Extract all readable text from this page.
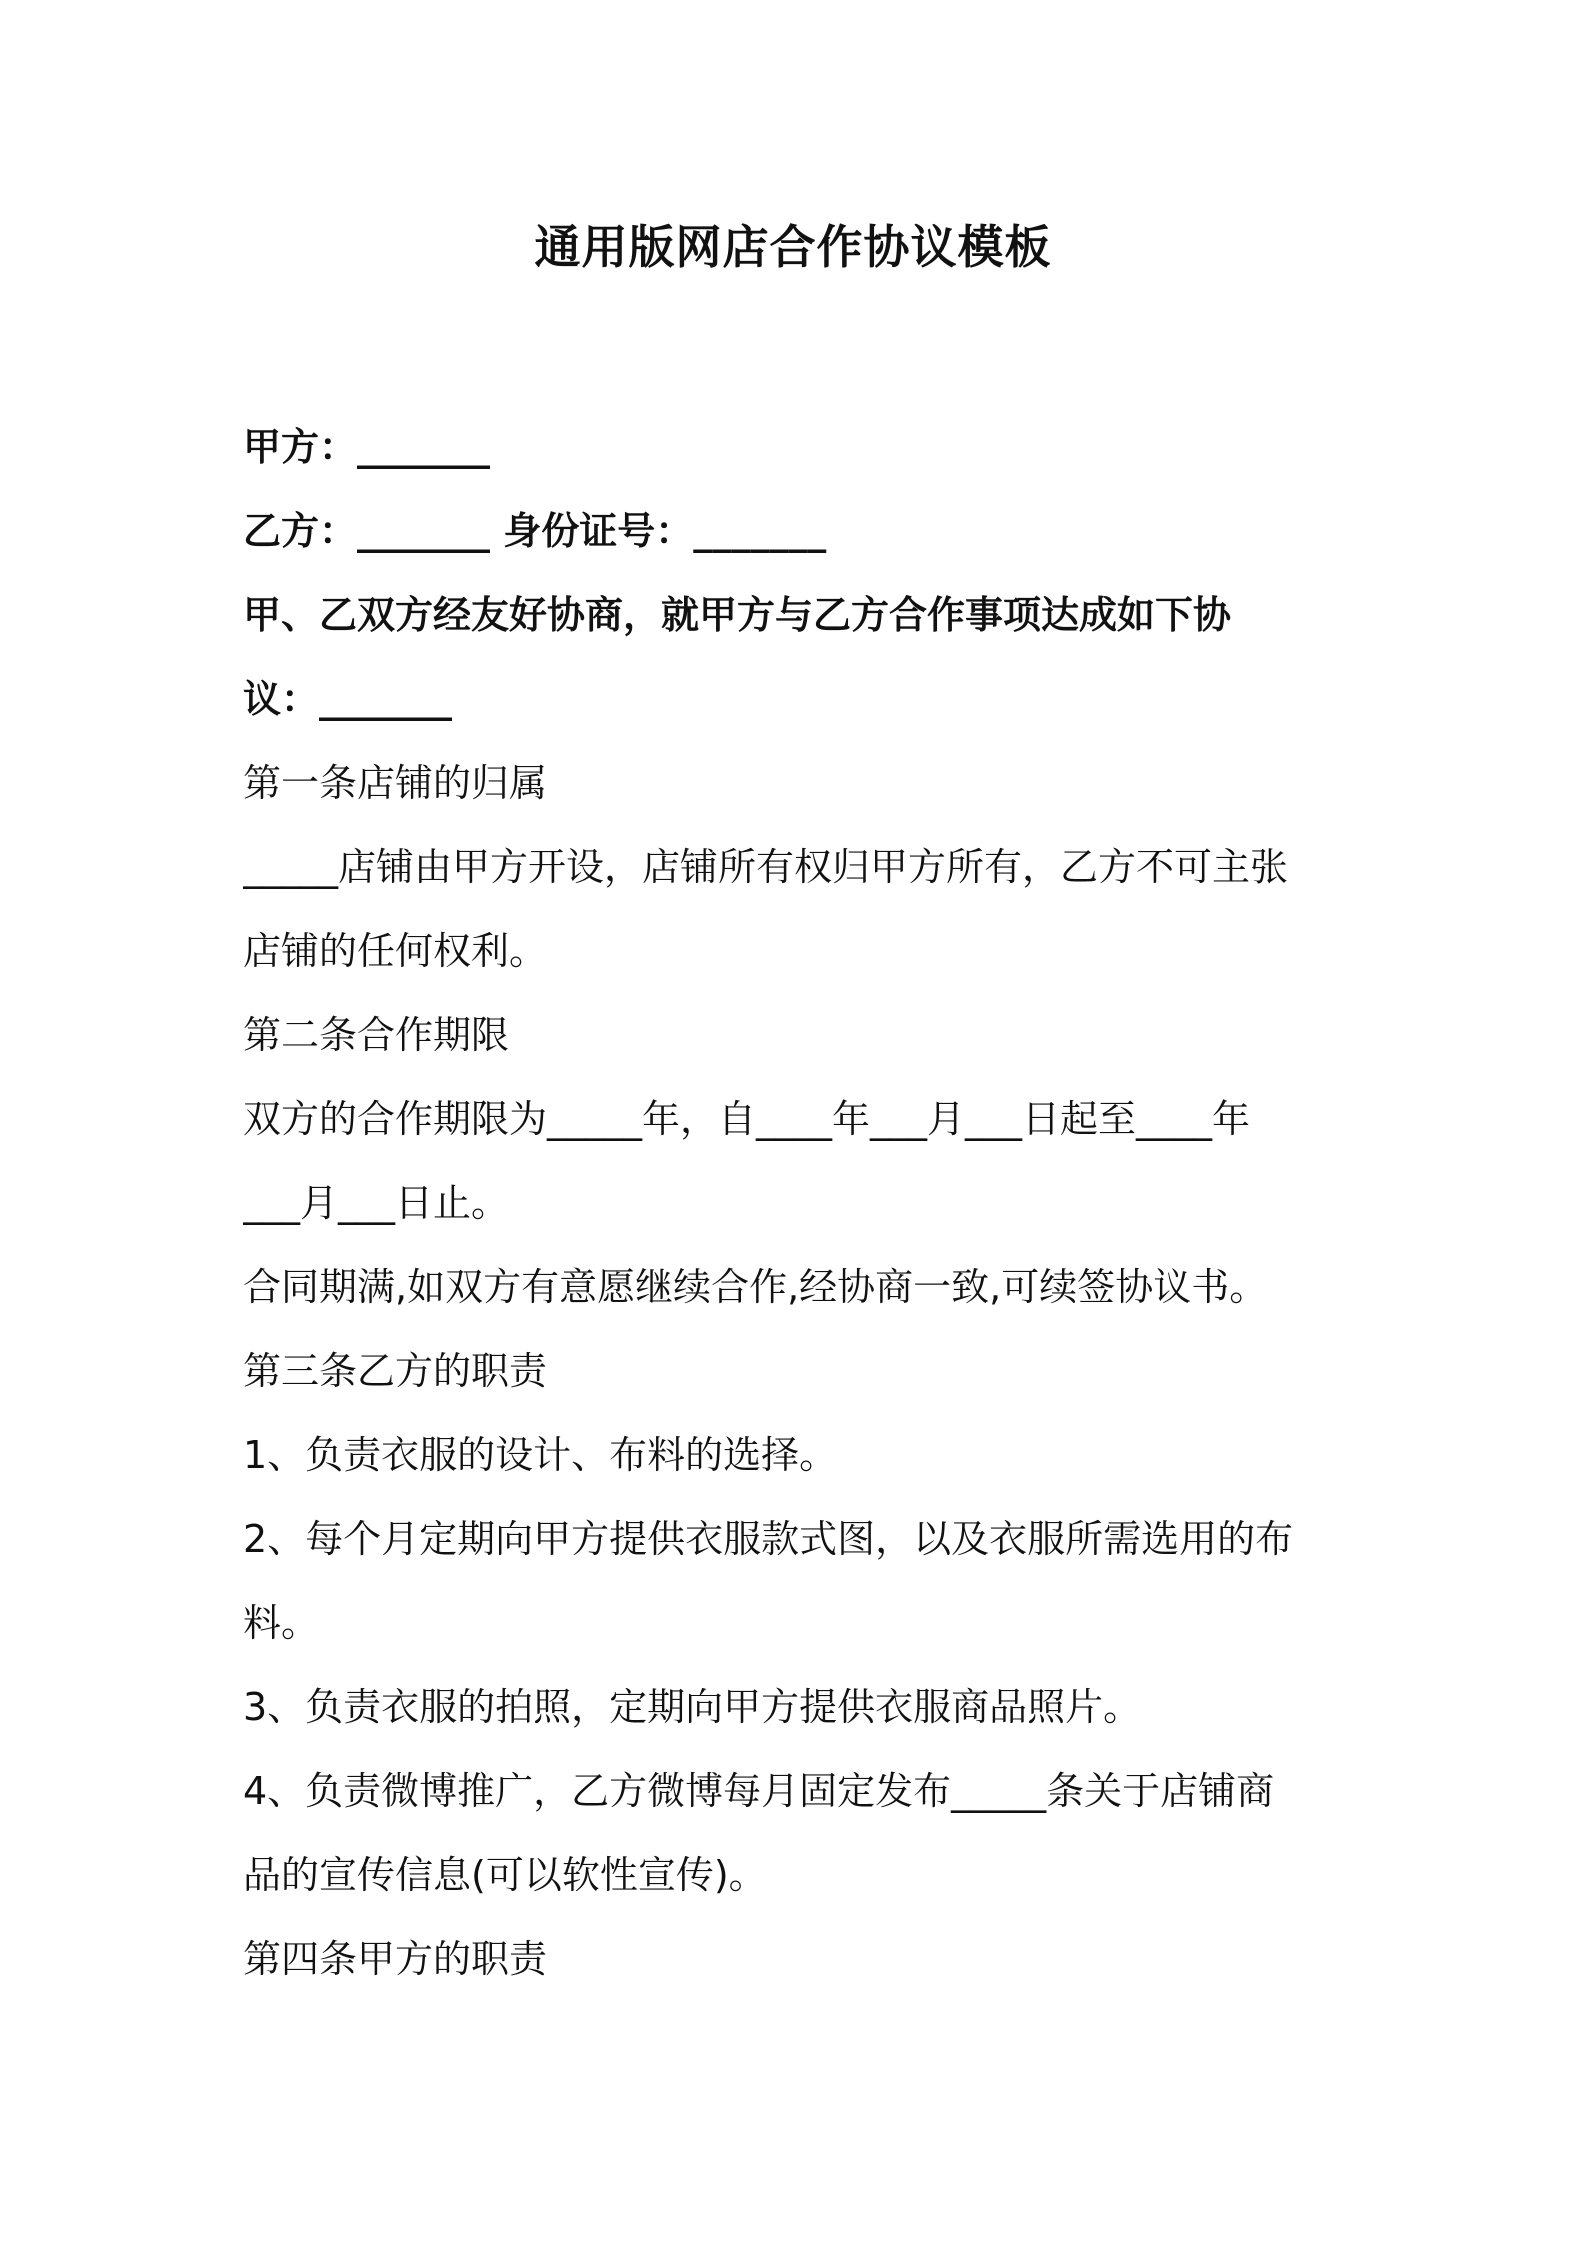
通用版网店合作协议模板
甲方：_______
乙方：_______ 身份证号：_______
甲、乙双方经友好协商，就甲方与乙方合作事项达成如下协
议：_______
第一条店铺的归属
_____店铺由甲方开设，店铺所有权归甲方所有，乙方不可主张
店铺的任何权利。
第二条合作期限
双方的合作期限为_____年，自____年___月___日起至____年
___月___日止。
合同期满,如双方有意愿继续合作,经协商一致,可续签协议书。
第三条乙方的职责
1、负责衣服的设计、布料的选择。
2、每个月定期向甲方提供衣服款式图，以及衣服所需选用的布
料。
3、负责衣服的拍照，定期向甲方提供衣服商品照片。
4、负责微博推广，乙方微博每月固定发布_____条关于店铺商
品的宣传信息(可以软性宣传)。
第四条甲方的职责
